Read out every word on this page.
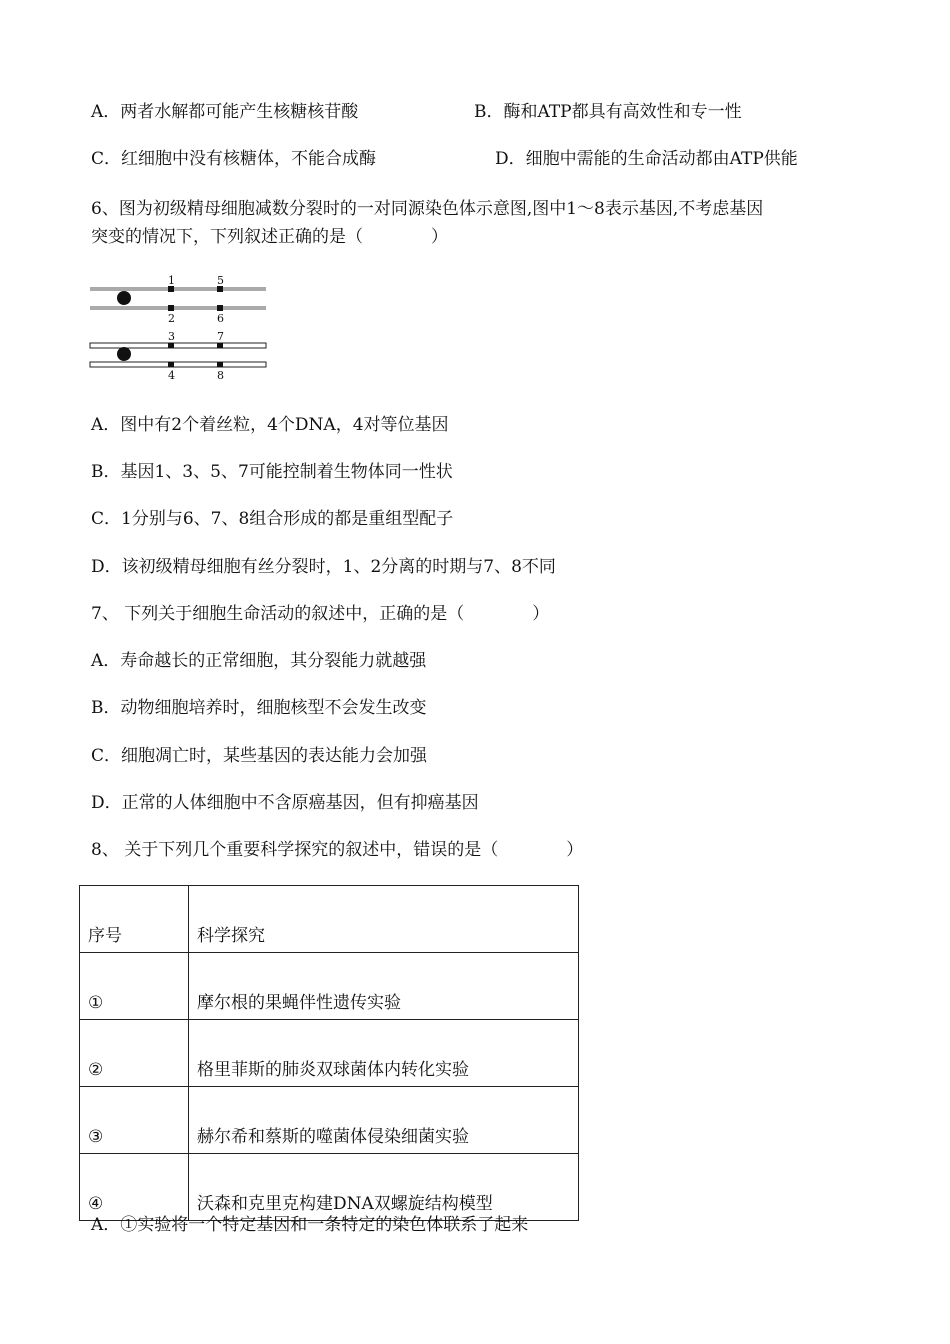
A．两者水解都可能产生核糖核苷酸	B．酶和ATP都具有高效性和专一性
C．红细胞中没有核糖体，不能合成酶	D．细胞中需能的生命活动都由ATP供能
6、图为初级精母细胞减数分裂时的一对同源染色体示意图,图中1～8表示基因,不考虑基因
突变的情况下，下列叙述正确的是（　　　　）
1	5
2	6
3	7
4	8
A．图中有2个着丝粒，4个DNA，4对等位基因
B．基因1、3、5、7可能控制着生物体同一性状
C．1分别与6、7、8组合形成的都是重组型配子
D．该初级精母细胞有丝分裂时，1、2分离的时期与7、8不同
7、 下列关于细胞生命活动的叙述中，正确的是（　　　　）
A．寿命越长的正常细胞，其分裂能力就越强
B．动物细胞培养时，细胞核型不会发生改变
C．细胞凋亡时，某些基因的表达能力会加强
D．正常的人体细胞中不含原癌基因，但有抑癌基因
8、 关于下列几个重要科学探究的叙述中，错误的是（　　　　）
序号	科学探究
①	摩尔根的果蝇伴性遗传实验
②	格里菲斯的肺炎双球菌体内转化实验
③	赫尔希和蔡斯的噬菌体侵染细菌实验
④	沃森和克里克构建DNA双螺旋结构模型
A．①实验将一个特定基因和一条特定的染色体联系了起来
